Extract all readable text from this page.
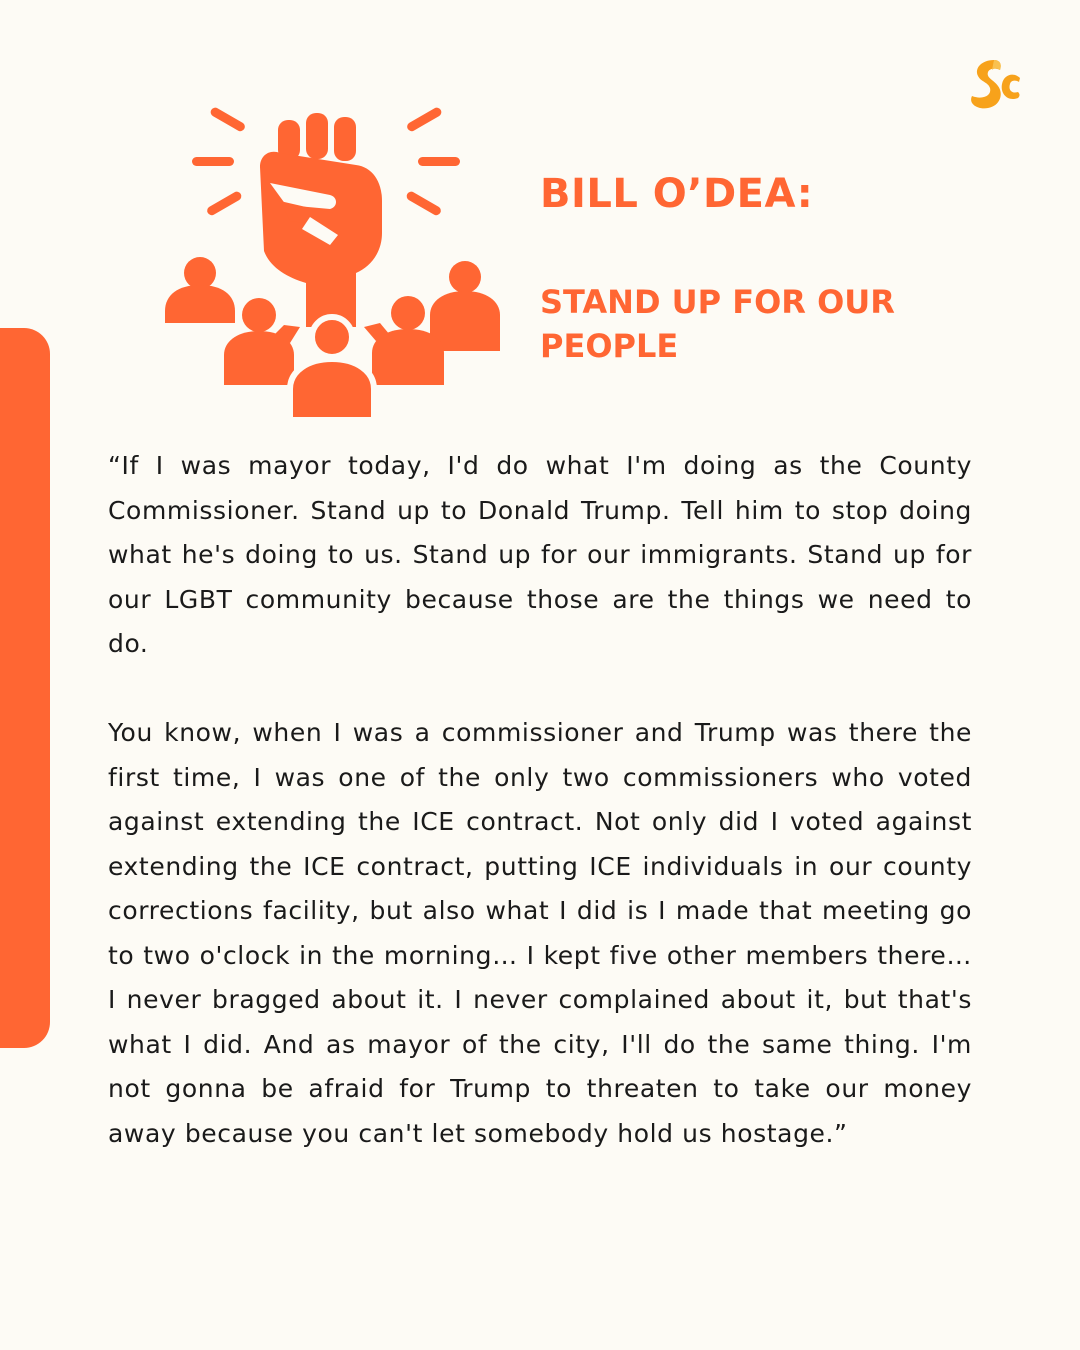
BILL O’DEA:

STAND UP FOR OUR PEOPLE

“If I was mayor today, I'd do what I'm doing as the County Commissioner. Stand up to Donald Trump. Tell him to stop doing what he's doing to us. Stand up for our immigrants. Stand up for our LGBT community because those are the things we need to do.

You know, when I was a commissioner and Trump was there the first time, I was one of the only two commissioners who voted against extending the ICE contract. Not only did I voted against extending the ICE contract, putting ICE individuals in our county corrections facility, but also what I did is I made that meeting go to two o'clock in the morning… I kept five other members there… I never bragged about it. I never complained about it, but that's what I did. And as mayor of the city, I'll do the same thing. I'm not gonna be afraid for Trump to threaten to take our money away because you can't let somebody hold us hostage.”
